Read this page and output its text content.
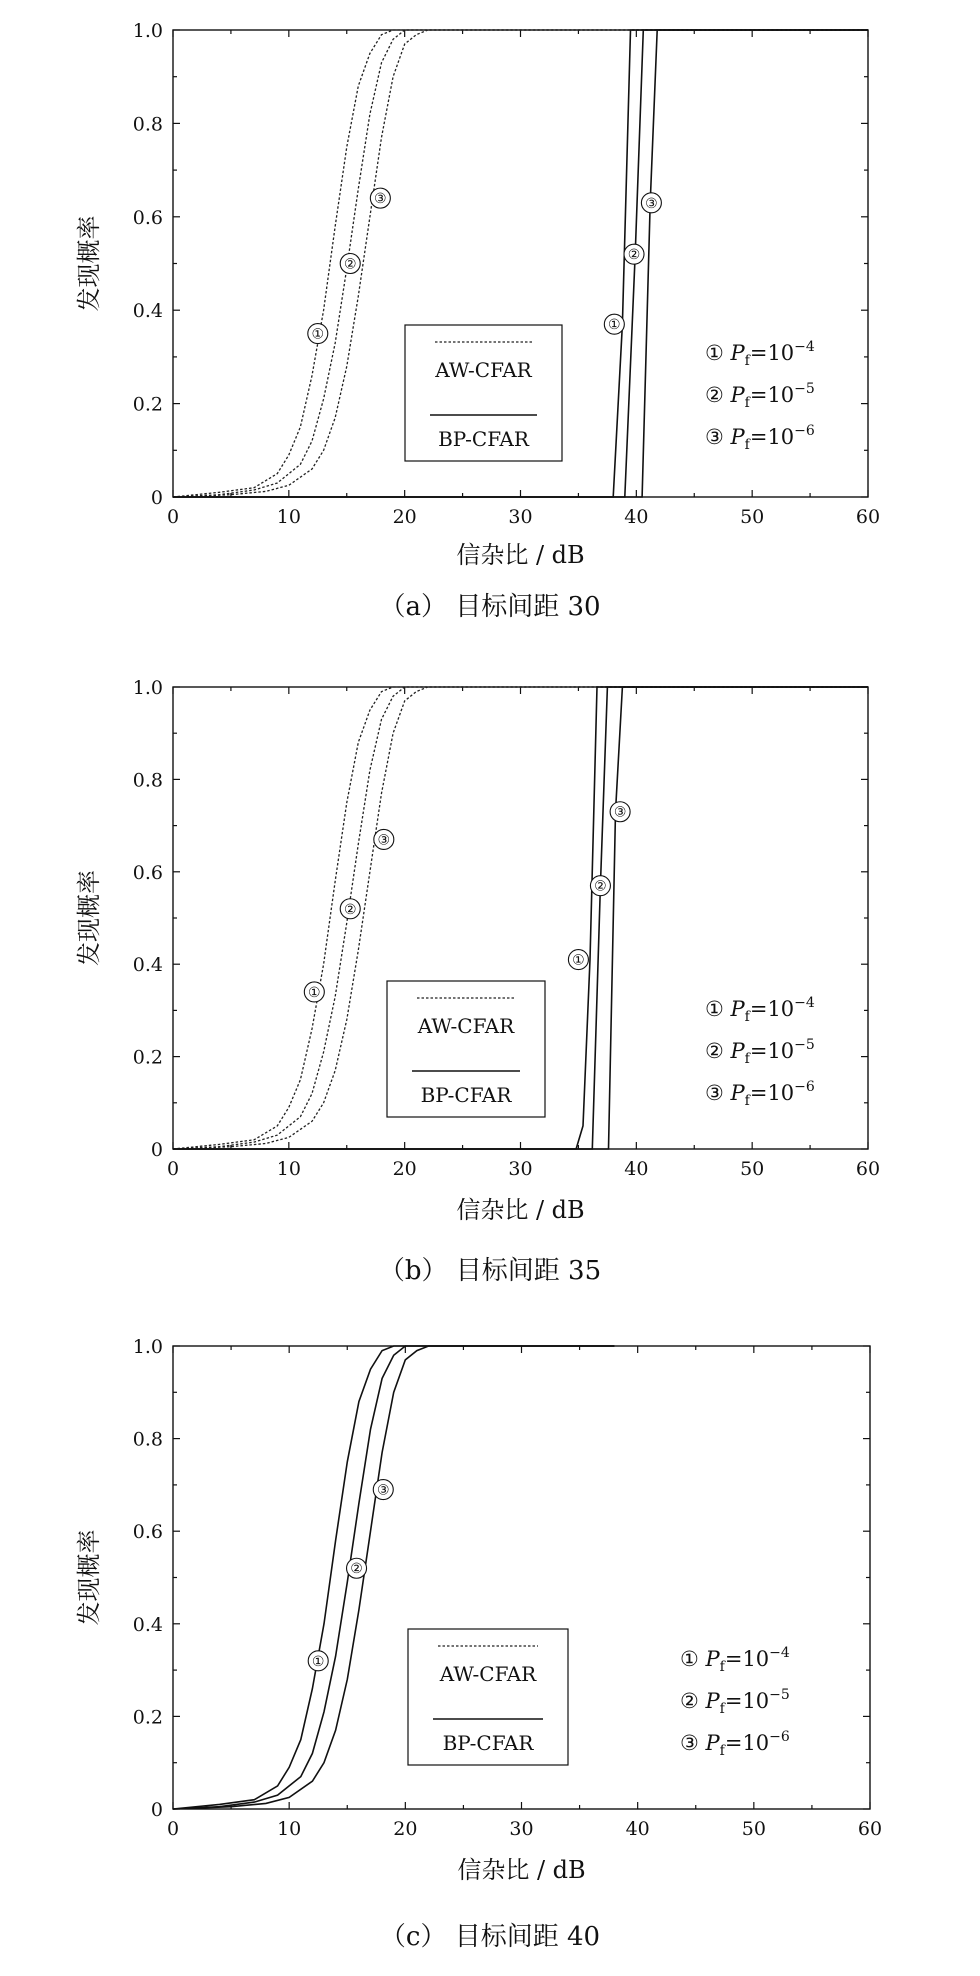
0	10	20	30	40	50	60
0
0.2
0.4
0.6
0.8
1.0
信杂比 / dB
发现概率
①
②
③
①
②
③
AW-CFAR
BP-CFAR
① $P_f=10^{-4}$
② $P_f=10^{-5}$
③ $P_f=10^{-6}$
（a） 目标间距 30
0	10	20	30	40	50	60
0
0.2
0.4
0.6
0.8
1.0
信杂比 / dB
发现概率
①
②
③
①
②
③
AW-CFAR
BP-CFAR
① $P_f=10^{-4}$
② $P_f=10^{-5}$
③ $P_f=10^{-6}$
（b） 目标间距 35
0	10	20	30	40	50	60
0
0.2
0.4
0.6
0.8
1.0
信杂比 / dB
发现概率
①
②
③
AW-CFAR
BP-CFAR
① $P_f=10^{-4}$
② $P_f=10^{-5}$
③ $P_f=10^{-6}$
（c） 目标间距 40
